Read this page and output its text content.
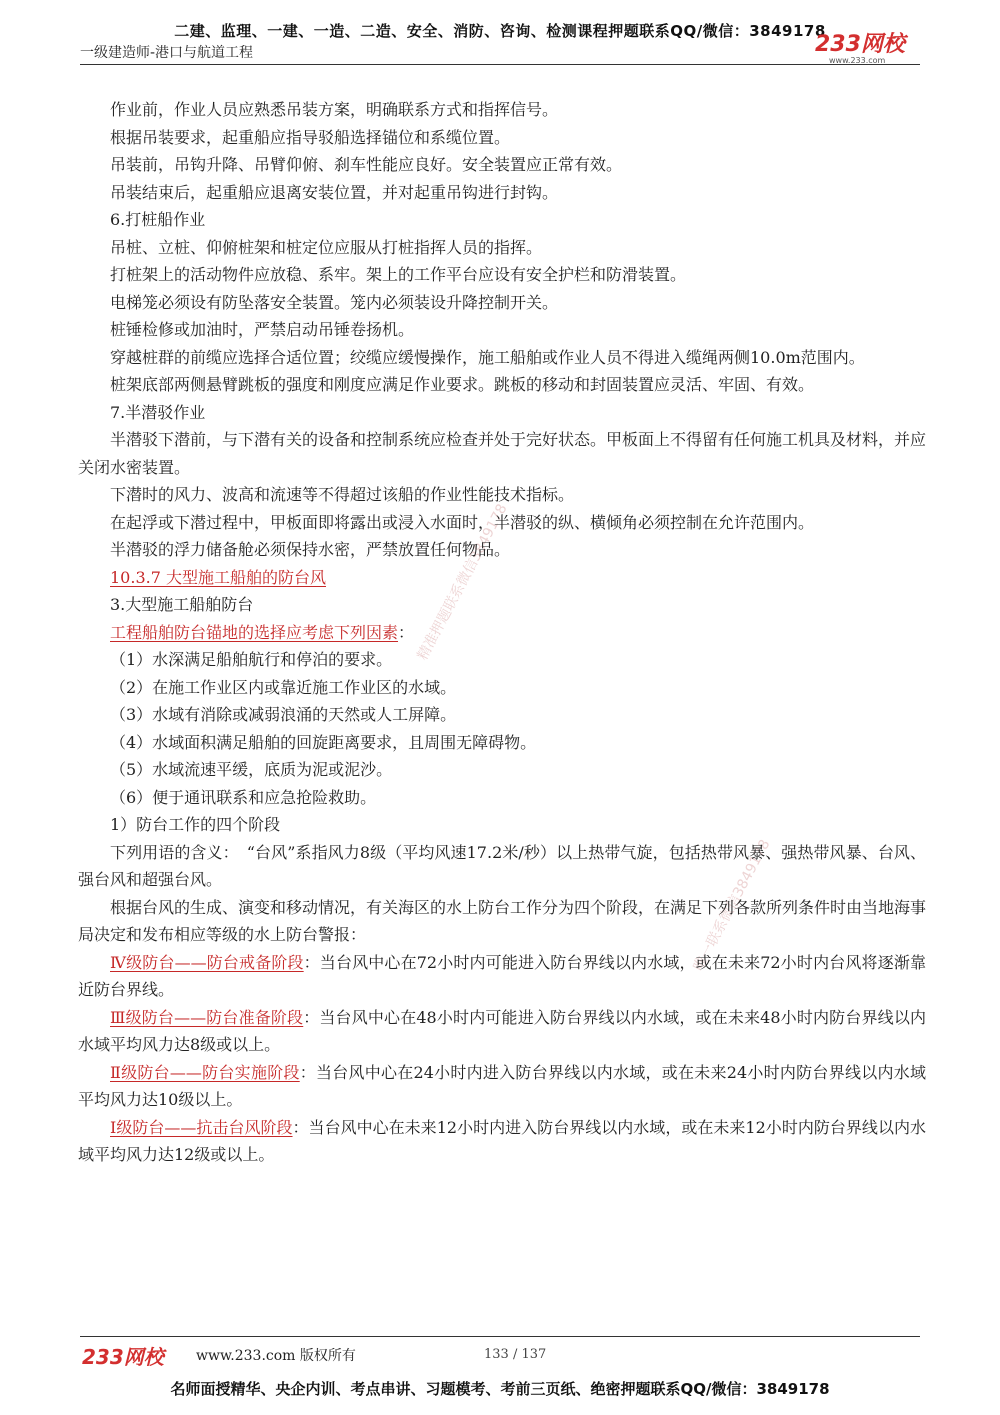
二建、监理、一建、一造、二造、安全、消防、咨询、检测课程押题联系QQ/微信：3849178
一级建造师-港口与航道工程	233网校
www.233.com
精准押题联系微信3849178
唯一联系微信3849178

作业前，作业人员应熟悉吊装方案，明确联系方式和指挥信号。

根据吊装要求，起重船应指导驳船选择锚位和系缆位置。

吊装前，吊钩升降、吊臂仰俯、刹车性能应良好。安全装置应正常有效。

吊装结束后，起重船应退离安装位置，并对起重吊钩进行封钩。

6.打桩船作业

吊桩、立桩、仰俯桩架和桩定位应服从打桩指挥人员的指挥。

打桩架上的活动物件应放稳、系牢。架上的工作平台应设有安全护栏和防滑装置。

电梯笼必须设有防坠落安全装置。笼内必须装设升降控制开关。

桩锤检修或加油时，严禁启动吊锤卷扬机。

穿越桩群的前缆应选择合适位置；绞缆应缓慢操作，施工船舶或作业人员不得进入缆绳两侧10.0m范围内。

桩架底部两侧悬臂跳板的强度和刚度应满足作业要求。跳板的移动和封固装置应灵活、牢固、有效。

7.半潜驳作业

半潜驳下潜前，与下潜有关的设备和控制系统应检查并处于完好状态。甲板面上不得留有任何施工机具及材料，并应关闭水密装置。

下潜时的风力、波高和流速等不得超过该船的作业性能技术指标。

在起浮或下潜过程中，甲板面即将露出或浸入水面时，半潜驳的纵、横倾角必须控制在允许范围内。

半潜驳的浮力储备舱必须保持水密，严禁放置任何物品。

10.3.7 大型施工船舶的防台风

3.大型施工船舶防台

工程船舶防台锚地的选择应考虑下列因素：

（1）水深满足船舶航行和停泊的要求。

（2）在施工作业区内或靠近施工作业区的水域。

（3）水域有消除或减弱浪涌的天然或人工屏障。

（4）水域面积满足船舶的回旋距离要求，且周围无障碍物。

（5）水域流速平缓，底质为泥或泥沙。

（6）便于通讯联系和应急抢险救助。

1）防台工作的四个阶段

下列用语的含义：　“台风”系指风力8级（平均风速17.2米/秒）以上热带气旋，包括热带风暴、强热带风暴、台风、强台风和超强台风。

根据台风的生成、演变和移动情况，有关海区的水上防台工作分为四个阶段，在满足下列各款所列条件时由当地海事局决定和发布相应等级的水上防台警报：

Ⅳ级防台——防台戒备阶段：当台风中心在72小时内可能进入防台界线以内水域，或在未来72小时内台风将逐渐靠近防台界线。

Ⅲ级防台——防台准备阶段：当台风中心在48小时内可能进入防台界线以内水域，或在未来48小时内防台界线以内水域平均风力达8级或以上。

Ⅱ级防台——防台实施阶段：当台风中心在24小时内进入防台界线以内水域，或在未来24小时内防台界线以内水域平均风力达10级以上。

Ⅰ级防台——抗击台风阶段：当台风中心在未来12小时内进入防台界线以内水域，或在未来12小时内防台界线以内水域平均风力达12级或以上。

233网校 www.233.com 版权所有	133 / 137
名师面授精华、央企内训、考点串讲、习题模考、考前三页纸、绝密押题联系QQ/微信：3849178
